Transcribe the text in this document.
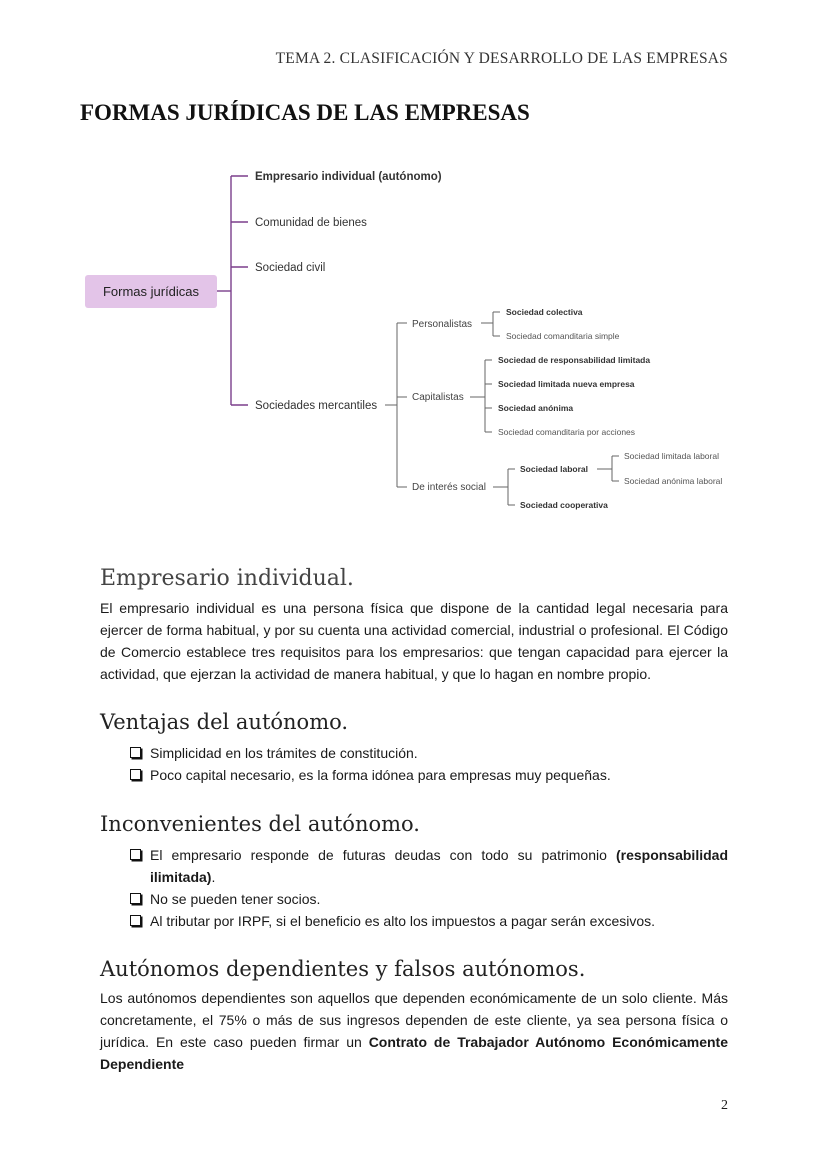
TEMA 2. CLASIFICACIÓN Y DESARROLLO DE LAS EMPRESAS
FORMAS JURÍDICAS DE LAS EMPRESAS
Formas jurídicas
Empresario individual (autónomo)
Comunidad de bienes
Sociedad civil
Sociedades mercantiles
Personalistas
Capitalistas
De interés social
Sociedad colectiva
Sociedad comanditaria simple
Sociedad de responsabilidad limitada
Sociedad limitada nueva empresa
Sociedad anónima
Sociedad comanditaria por acciones
Sociedad laboral
Sociedad cooperativa
Sociedad limitada laboral
Sociedad anónima laboral
Empresario individual.

El empresario individual es una persona física que dispone de la cantidad legal necesaria para ejercer de forma habitual, y por su cuenta una actividad comercial, industrial o profesional. El Código de Comercio establece tres requisitos para los empresarios: que tengan capacidad para ejercer la actividad, que ejerzan la actividad de manera habitual, y que lo hagan en nombre propio.

Ventajas del autónomo.
Simplicidad en los trámites de constitución.
Poco capital necesario, es la forma idónea para empresas muy pequeñas.
Inconvenientes del autónomo.
El empresario responde de futuras deudas con todo su patrimonio (responsabilidad ilimitada).
No se pueden tener socios.
Al tributar por IRPF, si el beneficio es alto los impuestos a pagar serán excesivos.
Autónomos dependientes y falsos autónomos.

Los autónomos dependientes son aquellos que dependen económicamente de un solo cliente. Más concretamente, el 75% o más de sus ingresos dependen de este cliente, ya sea persona física o jurídica. En este caso pueden firmar un Contrato de Trabajador Autónomo Económicamente Dependiente

2
